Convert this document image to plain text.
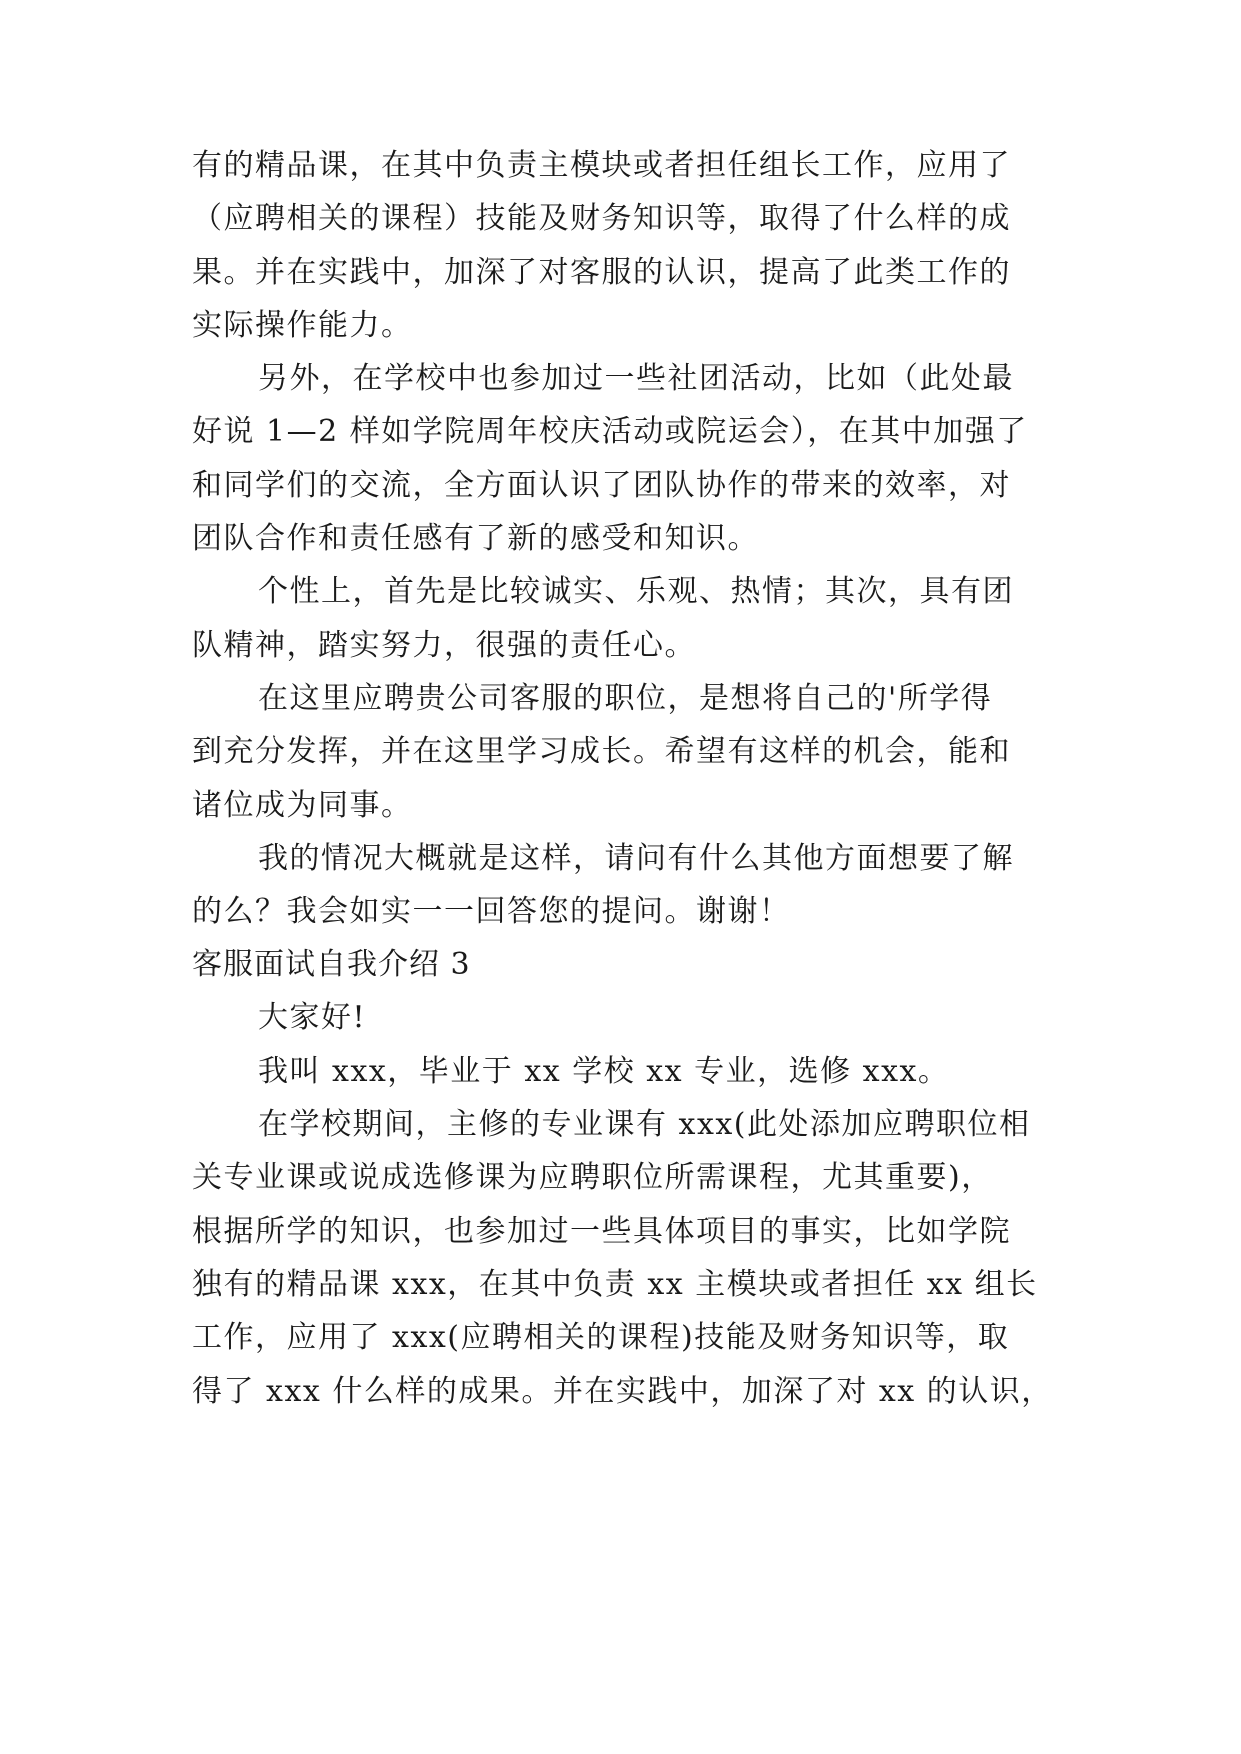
有的精品课，在其中负责主模块或者担任组长工作，应用了
（应聘相关的课程）技能及财务知识等，取得了什么样的成
果。并在实践中，加深了对客服的认识，提高了此类工作的
实际操作能力。
另外，在学校中也参加过一些社团活动，比如（此处最
好说 1—2 样如学院周年校庆活动或院运会），在其中加强了
和同学们的交流，全方面认识了团队协作的带来的效率，对
团队合作和责任感有了新的感受和知识。
个性上，首先是比较诚实、乐观、热情；其次，具有团
队精神，踏实努力，很强的责任心。
在这里应聘贵公司客服的职位，是想将自己的'所学得
到充分发挥，并在这里学习成长。希望有这样的机会，能和
诸位成为同事。
我的情况大概就是这样，请问有什么其他方面想要了解
的么？我会如实一一回答您的提问。谢谢！
客服面试自我介绍 3
大家好!
我叫 xxx，毕业于 xx 学校 xx 专业，选修 xxx。
在学校期间，主修的专业课有 xxx(此处添加应聘职位相
关专业课或说成选修课为应聘职位所需课程，尤其重要)，
根据所学的知识，也参加过一些具体项目的事实，比如学院
独有的精品课 xxx，在其中负责 xx 主模块或者担任 xx 组长
工作，应用了 xxx(应聘相关的课程)技能及财务知识等，取
得了 xxx 什么样的成果。并在实践中，加深了对 xx 的认识，
